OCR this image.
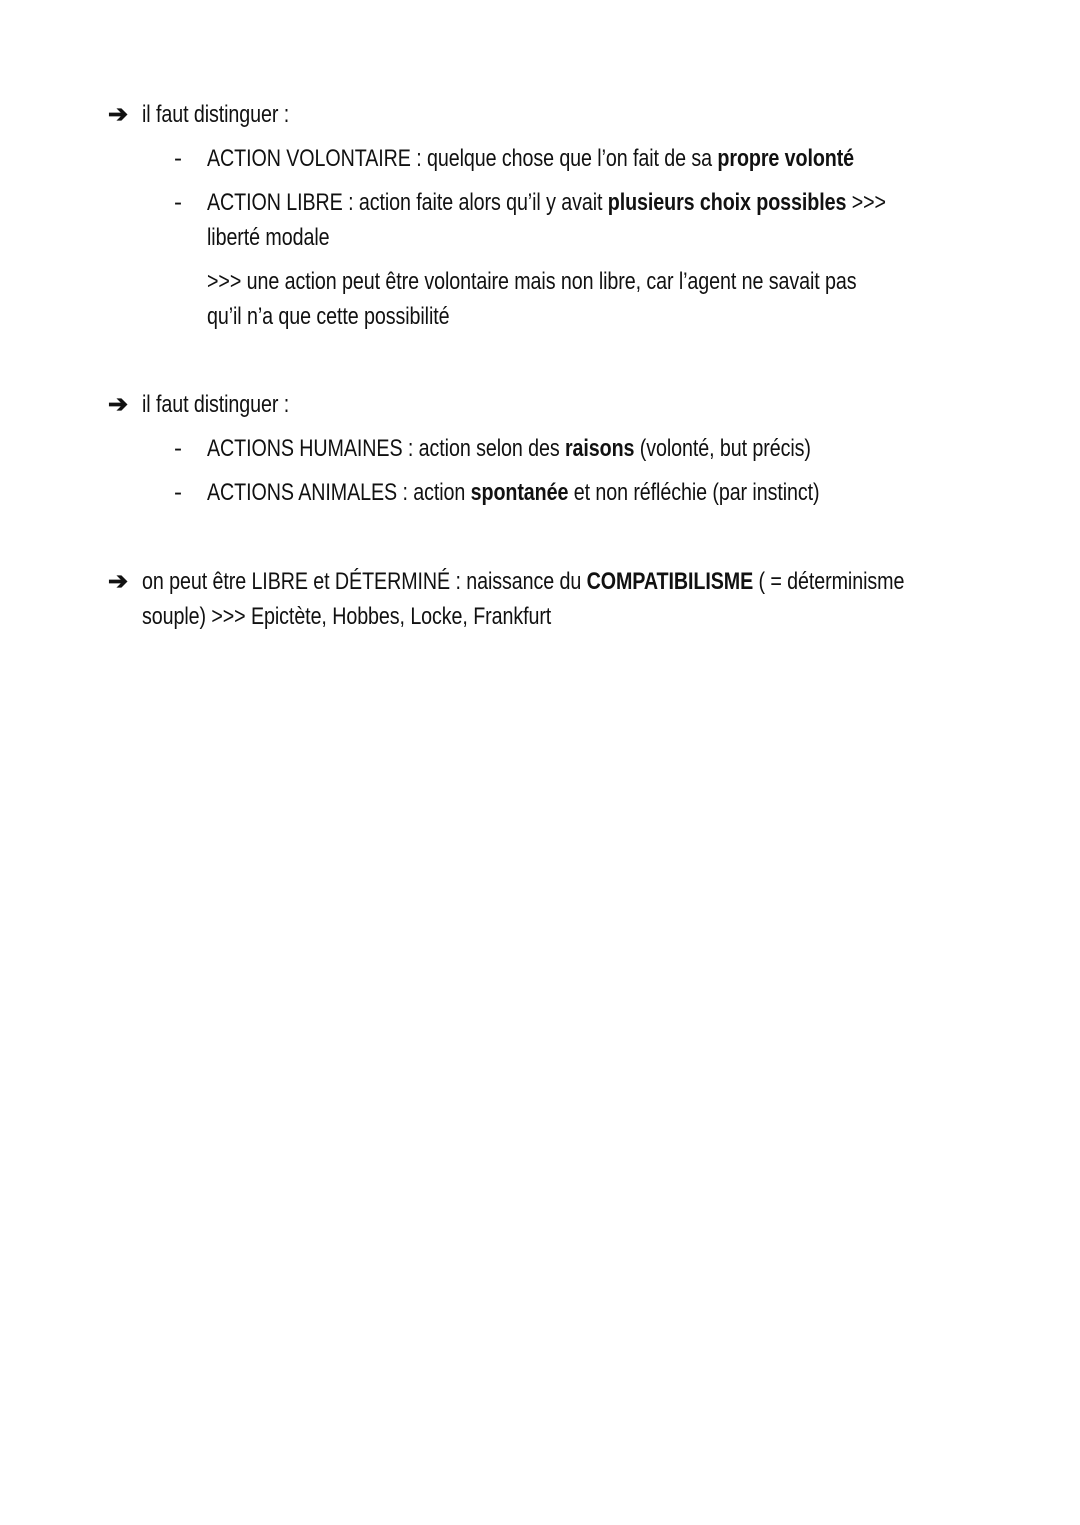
➔ il faut distinguer :
- ACTION VOLONTAIRE : quelque chose que l’on fait de sa propre volonté
- ACTION LIBRE : action faite alors qu’il y avait plusieurs choix possibles >>>
liberté modale
>>> une action peut être volontaire mais non libre, car l’agent ne savait pas
qu’il n’a que cette possibilité
➔ il faut distinguer :
- ACTIONS HUMAINES : action selon des raisons (volonté, but précis)
- ACTIONS ANIMALES : action spontanée et non réfléchie (par instinct)
➔ on peut être LIBRE et DÉTERMINÉ : naissance du COMPATIBILISME ( = déterminisme
souple) >>> Epictète, Hobbes, Locke, Frankfurt
